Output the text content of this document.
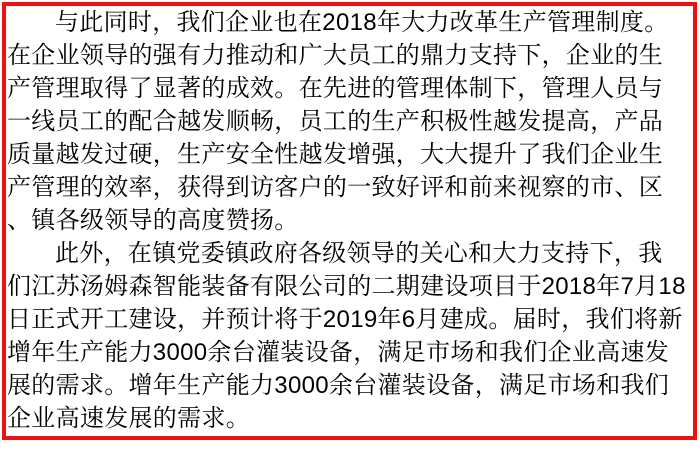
与此同时，我们企业也在2018年大力改革生产管理制度。
在企业领导的强有力推动和广大员工的鼎力支持下，企业的生
产管理取得了显著的成效。在先进的管理体制下，管理人员与
一线员工的配合越发顺畅，员工的生产积极性越发提高，产品
质量越发过硬，生产安全性越发增强，大大提升了我们企业生
产管理的效率，获得到访客户的一致好评和前来视察的市、区
、镇各级领导的高度赞扬。
此外，在镇党委镇政府各级领导的关心和大力支持下，我
们江苏汤姆森智能装备有限公司的二期建设项目于2018年7月18
日正式开工建设，并预计将于2019年6月建成。届时，我们将新
增年生产能力3000余台灌装设备，满足市场和我们企业高速发
展的需求。增年生产能力3000余台灌装设备，满足市场和我们
企业高速发展的需求。
